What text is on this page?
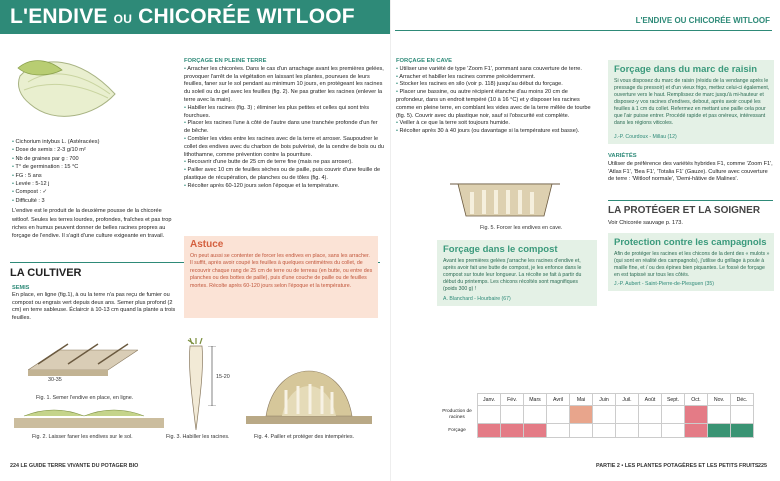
L'ENDIVE OU CHICORÉE WITLOOF
• Cichorium intybus L. (Astéracées)
• Dose de semis : 2-3 g/10 m²
• Nb de graines par g : 700
• T° de germination : 15 °C
• FG : 5 ans
• Levée : 5-12 j
• Compost : ✓
• Difficulté : 3

L'endive est le produit de la deuxième pousse de la chicorée witloof. Seules les terres lourdes, profondes, fraîches et pas trop riches en humus peuvent donner de belles racines propres au forçage de l'endive. Il s'agit d'une culture exigeante en travail.

LA CULTIVER
SEMIS
En place, en ligne (fig.1), à ou la terre n'a pas reçu de fumier ou compost ou engrais vert depuis deux ans. Semer plus profond (2 cm) en terre sableuse. Éclaircir à 10-13 cm quand la plante a trois feuilles.
FORÇAGE EN PLEINE TERRE
• Arracher les chicorées. Dans le cas d'un arrachage avant les premières gelées, provoquer l'arrêt de la végétation en laissant les plantes, pourvues de leurs feuilles, faner sur le sol pendant au minimum 10 jours, en protégeant les racines du soleil ou du gel avec les feuilles (fig. 2). Ne pas gratter les racines (enlever la terre avec la main).
• Habiller les racines (fig. 3) ; éliminer les plus petites et celles qui sont très fourchues.
• Placer les racines l'une à côté de l'autre dans une tranchée profonde d'un fer de bêche.
• Combler les vides entre les racines avec de la terre et arroser. Saupoudrer le collet des endives avec du charbon de bois pulvérisé, de la cendre de bois ou du lithothamne, comme prévention contre la pourriture.
• Recouvrir d'une butte de 25 cm de terre fine (mais ne pas arroser).
• Pailler avec 10 cm de feuilles sèches ou de paille, puis couvrir d'une feuille de plastique de récupération, de planches ou de tôles (fig. 4).
• Récolter après 60-120 jours selon l'époque et la température.
Astuce
On peut aussi se contenter de forcer les endives en place, sans les arracher. Il suffit, après avoir coupé les feuilles à quelques centimètres du collet, de recouvrir chaque rang de 25 cm de terre ou de terreau (en butte, ou entre des planches ou des bottes de paille), puis d'une couche de paille ou de feuilles mortes. Récolte après 60-120 jours selon l'époque et la température.
30-35
Fig. 1. Semer l'endive en place, en ligne.
Fig. 2. Laisser faner les endives sur le sol.
15-20
Fig. 3. Habiller les racines.	Fig. 4. Pailler et protéger des intempéries.
224 LE GUIDE TERRE VIVANTE DU POTAGER BIO
L'ENDIVE OU CHICORÉE WITLOOF
FORÇAGE EN CAVE
• Utiliser une variété de type 'Zoom F1', pommant sans couverture de terre.
• Arracher et habiller les racines comme précédemment.
• Stocker les racines en silo (voir p. 118) jusqu'au début du forçage.
• Placer une bassine, ou autre récipient étanche d'au moins 20 cm de profondeur, dans un endroit tempéré (10 à 16 °C) et y disposer les racines comme en pleine terre, en comblant les vides avec de la terre mêlée de tourbe (fig. 5). Couvrir avec du plastique noir, sauf si l'obscurité est complète.
• Veiller à ce que la terre soit toujours humide.
• Récolter après 30 à 40 jours (ou davantage si la température est basse).
Fig. 5. Forcer les endives en cave.
Forçage dans le compost
Avant les premières gelées j'arrache les racines d'endive et, après avoir fait une butte de compost, je les enfonce dans le compost sur toute leur longueur. La récolte se fait à partir du début du printemps. Les chicons récoltés sont magnifiques (poids 300 g) !
A. Blanchard - Hourbaire (67)
Forçage dans du marc de raisin
Si vous disposez du marc de raisin (résidu de la vendange après le pressage du pressoir) et d'un vieux frigo, mettez celui-ci également, ouverture vers le haut. Remplissez de marc jusqu'à mi-hauteur et disposez-y vos racines d'endives, debout, après avoir coupé les feuilles à 1 cm du collet. Refermez en mettant une paille cela pour que l'air puisse entrer. Procédé rapide et pas onéreux, intéressant dans les régions viticoles.
J.-P. Courdoux - Millau (12)
VARIÉTÉS
Utiliser de préférence des variétés hybrides F1, comme 'Zoom F1', 'Atlas F1', 'Bea F1', 'Totalia F1' (Gauze). Culture avec couverture de terre : 'Witloof normale', 'Demi-hâtive de Malines'.
LA PROTÉGER ET LA SOIGNER
Voir Chicorée sauvage p. 173.
Protection contre les campagnols
Afin de protéger les racines et les chicons de la dent des « mulots » (qui sont en réalité des campagnols), j'utilise du grillage à poule à maille fine, et / ou des épines bien piquantes. Le fossé de forçage en est tapissé sur tous les côtés.
J.-P. Aubert - Saint-Pierre-de-Plesguen (35)
	Janv.	Fév.	Mars	Avril	Mai	Juin	Juil.	Août	Sept.	Oct.	Nov.	Déc.
Production de racines												
Forçage												
PARTIE 2 • LES PLANTES POTAGÈRES ET LES PETITS FRUITS 225
